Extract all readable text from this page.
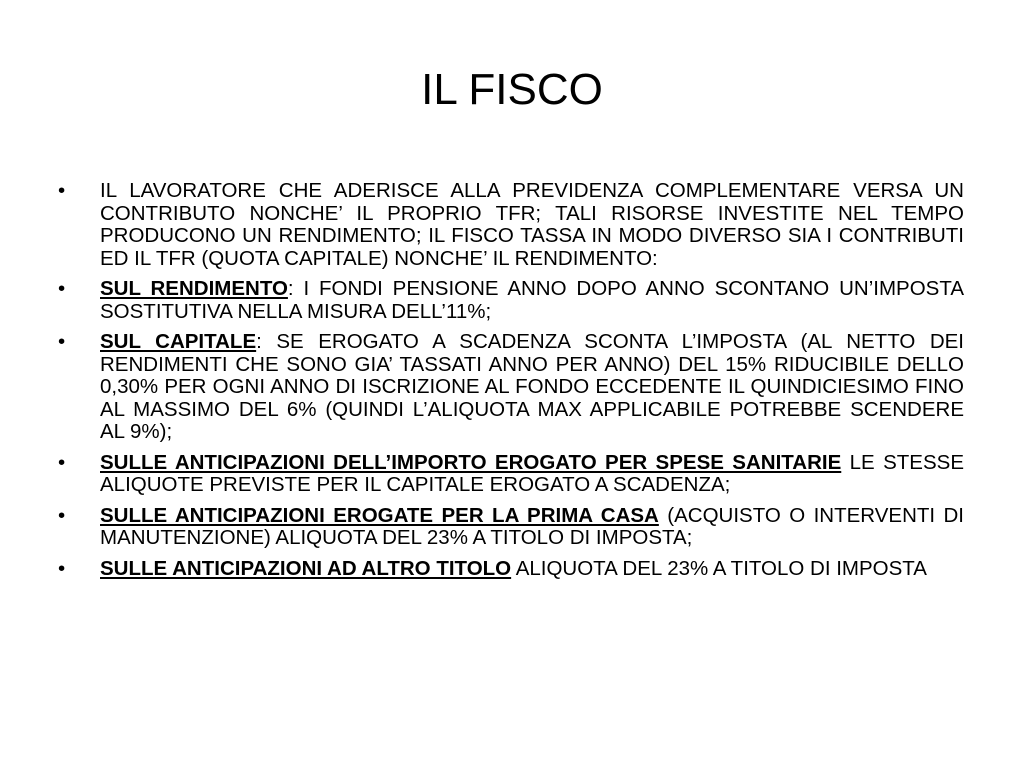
IL FISCO
• IL LAVORATORE CHE ADERISCE ALLA PREVIDENZA COMPLEMENTARE VERSA UN CONTRIBUTO NONCHE’ IL PROPRIO TFR; TALI RISORSE INVESTITE NEL TEMPO PRODUCONO UN RENDIMENTO; IL FISCO TASSA IN MODO DIVERSO SIA I CONTRIBUTI ED IL TFR (QUOTA CAPITALE) NONCHE’ IL RENDIMENTO:
• SUL RENDIMENTO: I FONDI PENSIONE ANNO DOPO ANNO SCONTANO UN’IMPOSTA SOSTITUTIVA NELLA MISURA DELL’11%;
• SUL CAPITALE: SE EROGATO A SCADENZA SCONTA L’IMPOSTA (AL NETTO DEI RENDIMENTI CHE SONO GIA’ TASSATI ANNO PER ANNO) DEL 15% RIDUCIBILE DELLO 0,30% PER OGNI ANNO DI ISCRIZIONE AL FONDO ECCEDENTE IL QUINDICIESIMO FINO AL MASSIMO DEL 6% (QUINDI L’ALIQUOTA MAX APPLICABILE POTREBBE SCENDERE AL 9%);
• SULLE ANTICIPAZIONI DELL’IMPORTO EROGATO PER SPESE SANITARIE LE STESSE ALIQUOTE PREVISTE PER IL CAPITALE EROGATO A SCADENZA;
• SULLE ANTICIPAZIONI EROGATE PER LA PRIMA CASA (ACQUISTO O INTERVENTI DI MANUTENZIONE) ALIQUOTA DEL 23% A TITOLO DI IMPOSTA;
• SULLE ANTICIPAZIONI AD ALTRO TITOLO ALIQUOTA DEL 23% A TITOLO DI IMPOSTA
